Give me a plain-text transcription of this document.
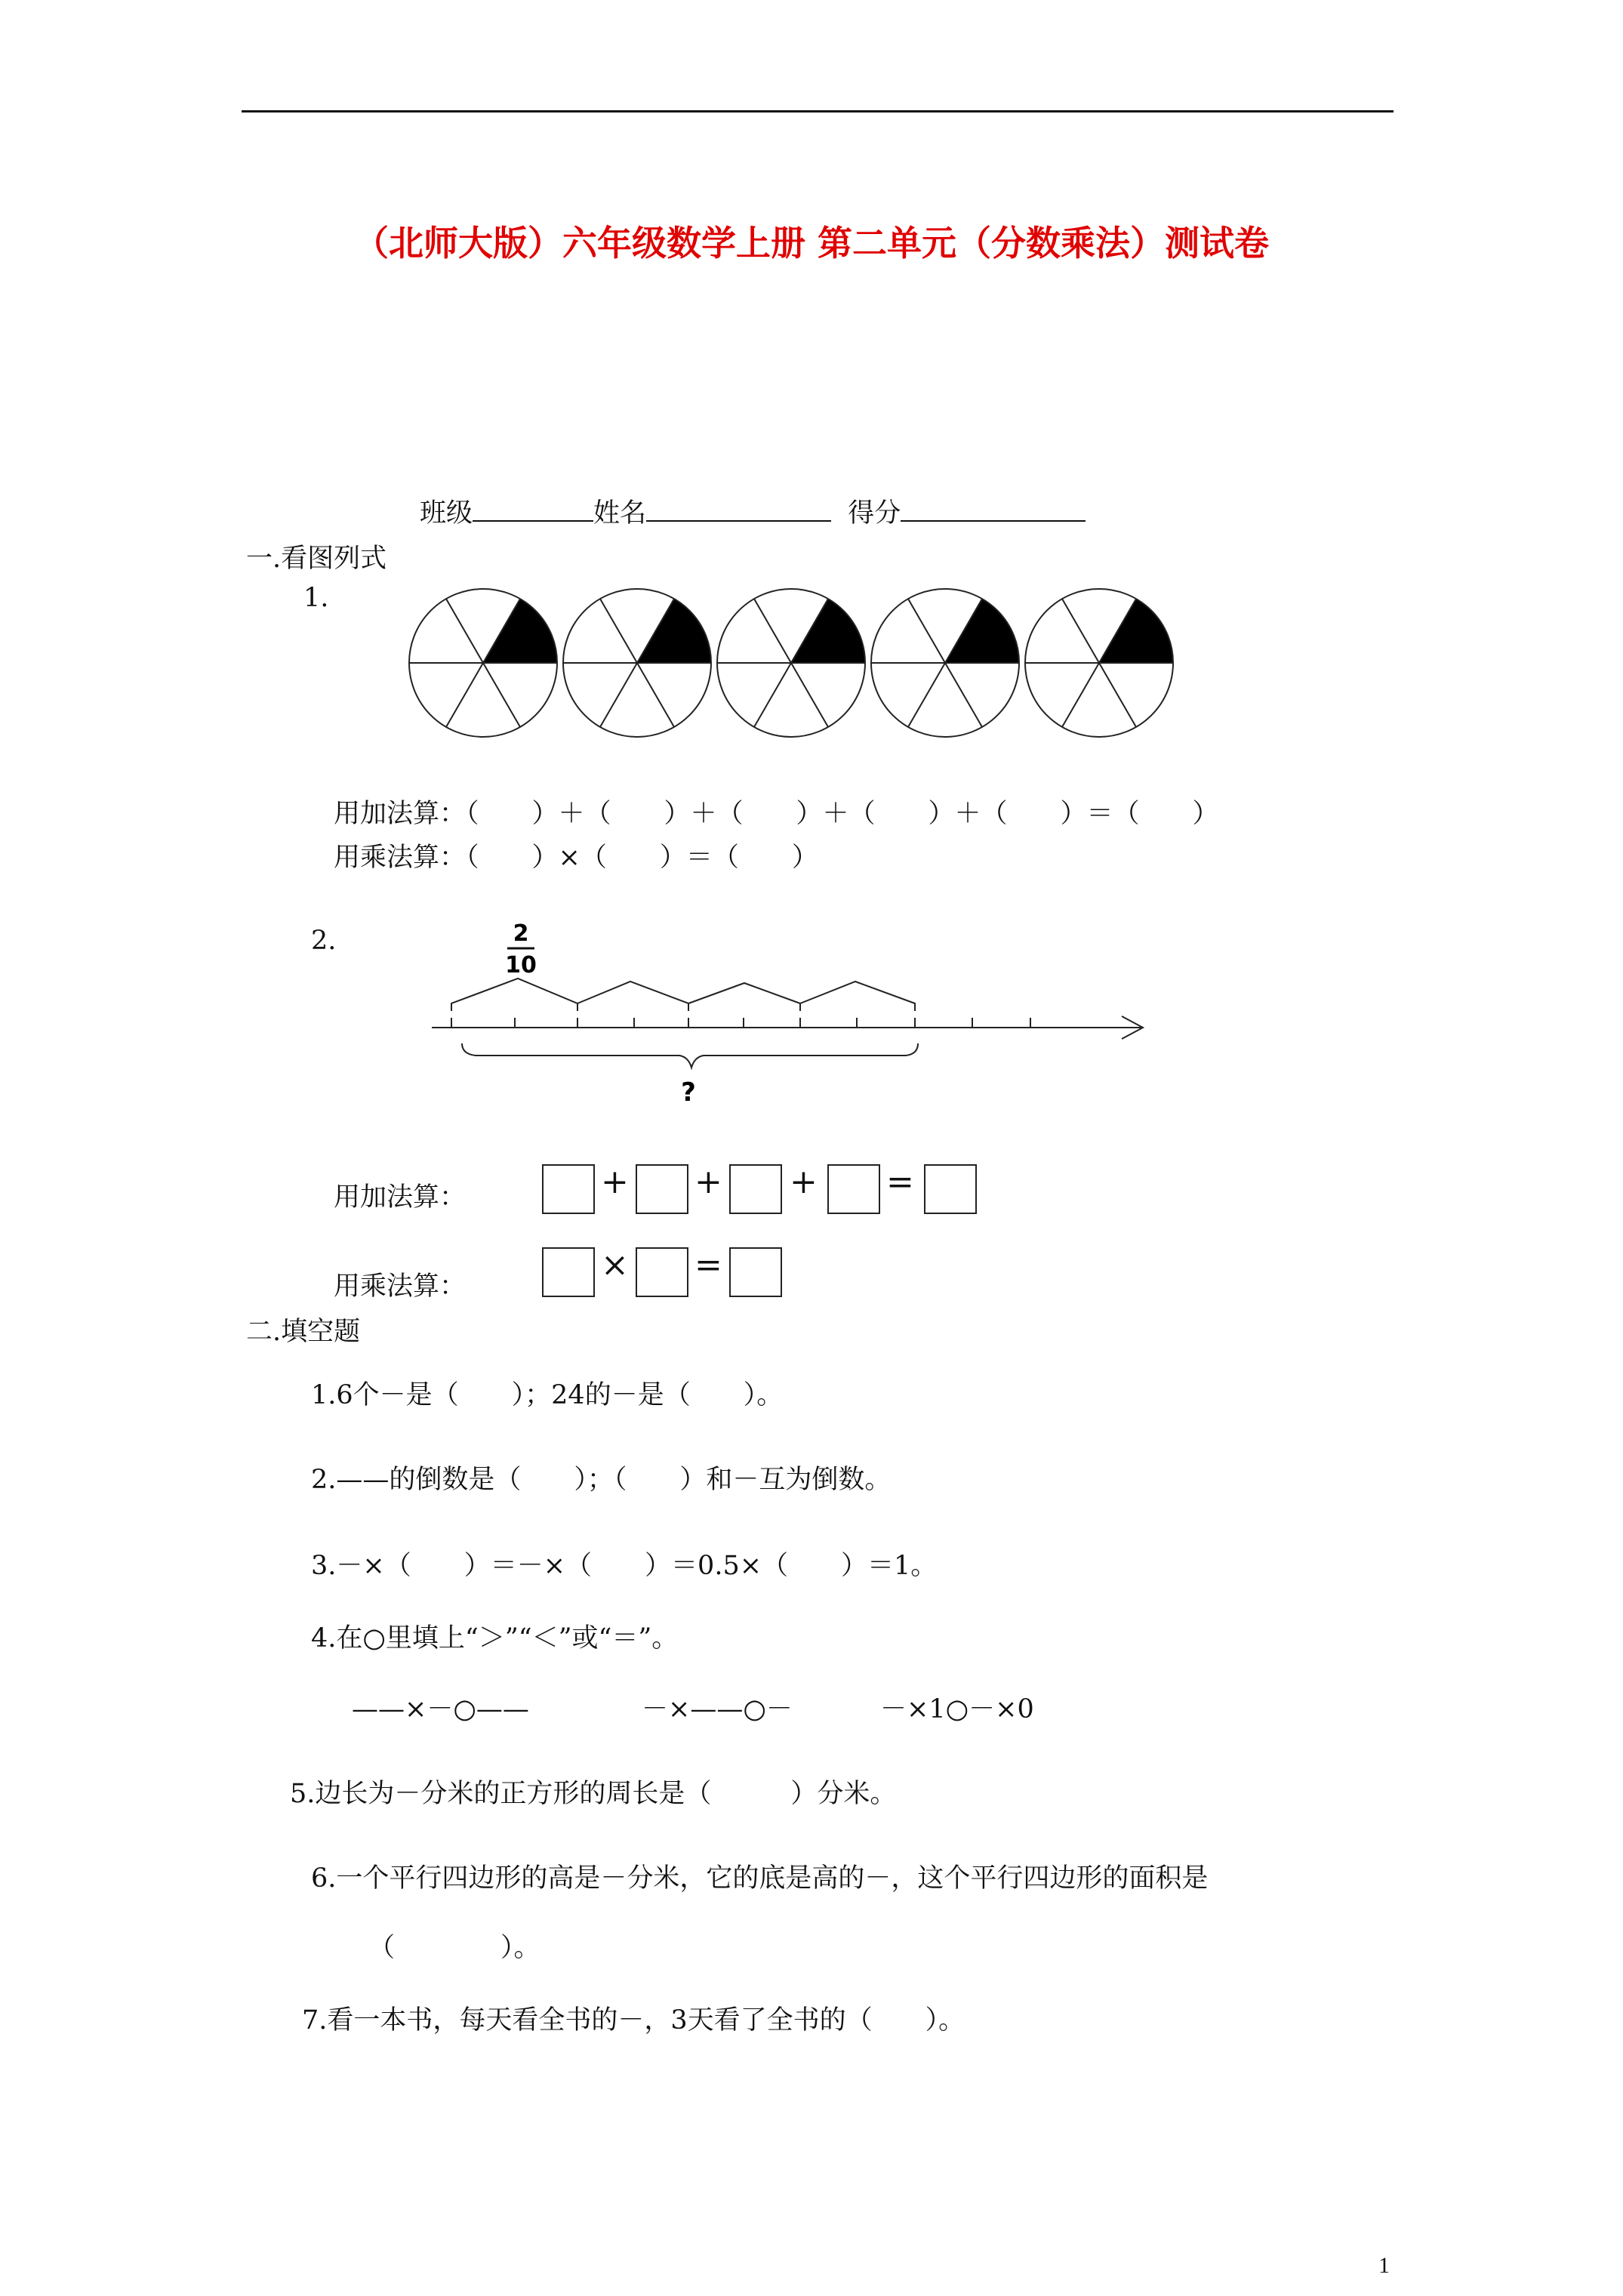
（北师大版）六年级数学上册 第二单元（分数乘法）测试卷
班级	姓名	得分
一.看图列式
1.
用加法算：（　　）＋（　　）＋（　　）＋（　　）＋（　　）＝（　　）
用乘法算：（　　）×（　　）＝（　　）
2.	2
10
?
用加法算：	+ + + =
用乘法算：
× =
二.填空题
1.6个－是（　　）；24的－是（　　）。
2.——的倒数是（　　）；（　　）和－互为倒数。
3.－×（　　）＝－×（　　）＝0.5×（　　）＝1。
4.在○里填上“＞”“＜”或“＝”。
——×－○——	－×——○－	－×1○－×0
5.边长为－分米的正方形的周长是（　　　）分米。
6.一个平行四边形的高是－分米，它的底是高的－，这个平行四边形的面积是
（　　　　）。
7.看一本书，每天看全书的－，3天看了全书的（　　）。
1
